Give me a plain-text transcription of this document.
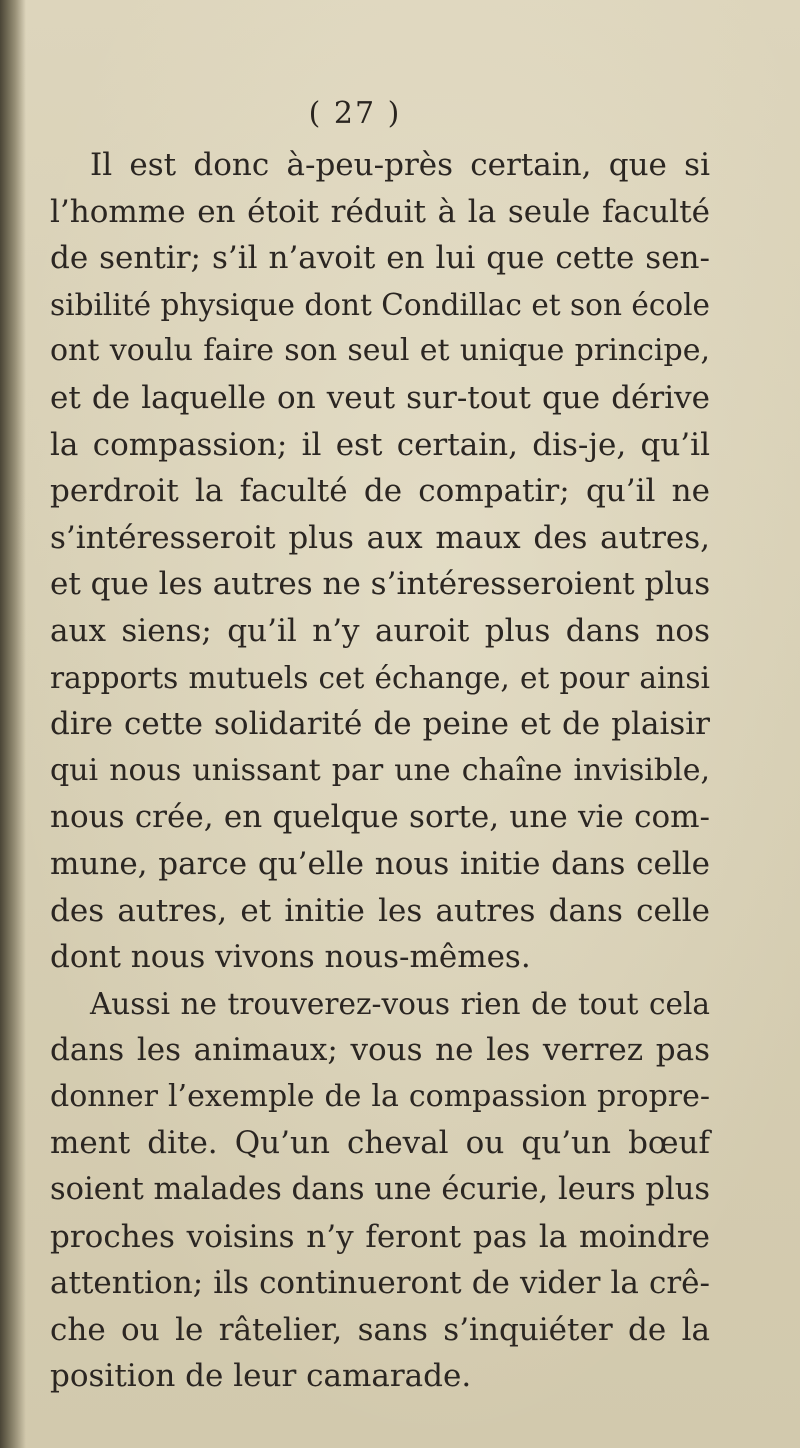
( 27 )
Il est donc à-peu-près certain, que si
l’homme en étoit réduit à la seule faculté
de sentir; s’il n’avoit en lui que cette sen-
sibilité physique dont Condillac et son école
ont voulu faire son seul et unique principe,
et de laquelle on veut sur-tout que dérive
la compassion; il est certain, dis-je, qu’il
perdroit la faculté de compatir; qu’il ne
s’intéresseroit plus aux maux des autres,
et que les autres ne s’intéresseroient plus
aux siens; qu’il n’y auroit plus dans nos
rapports mutuels cet échange, et pour ainsi
dire cette solidarité de peine et de plaisir
qui nous unissant par une chaîne invisible,
nous crée, en quelque sorte, une vie com-
mune, parce qu’elle nous initie dans celle
des autres, et initie les autres dans celle
dont nous vivons nous-mêmes.
Aussi ne trouverez-vous rien de tout cela
dans les animaux; vous ne les verrez pas
donner l’exemple de la compassion propre-
ment dite. Qu’un cheval ou qu’un bœuf
soient malades dans une écurie, leurs plus
proches voisins n’y feront pas la moindre
attention; ils continueront de vider la crê-
che ou le râtelier, sans s’inquiéter de la
position de leur camarade.
